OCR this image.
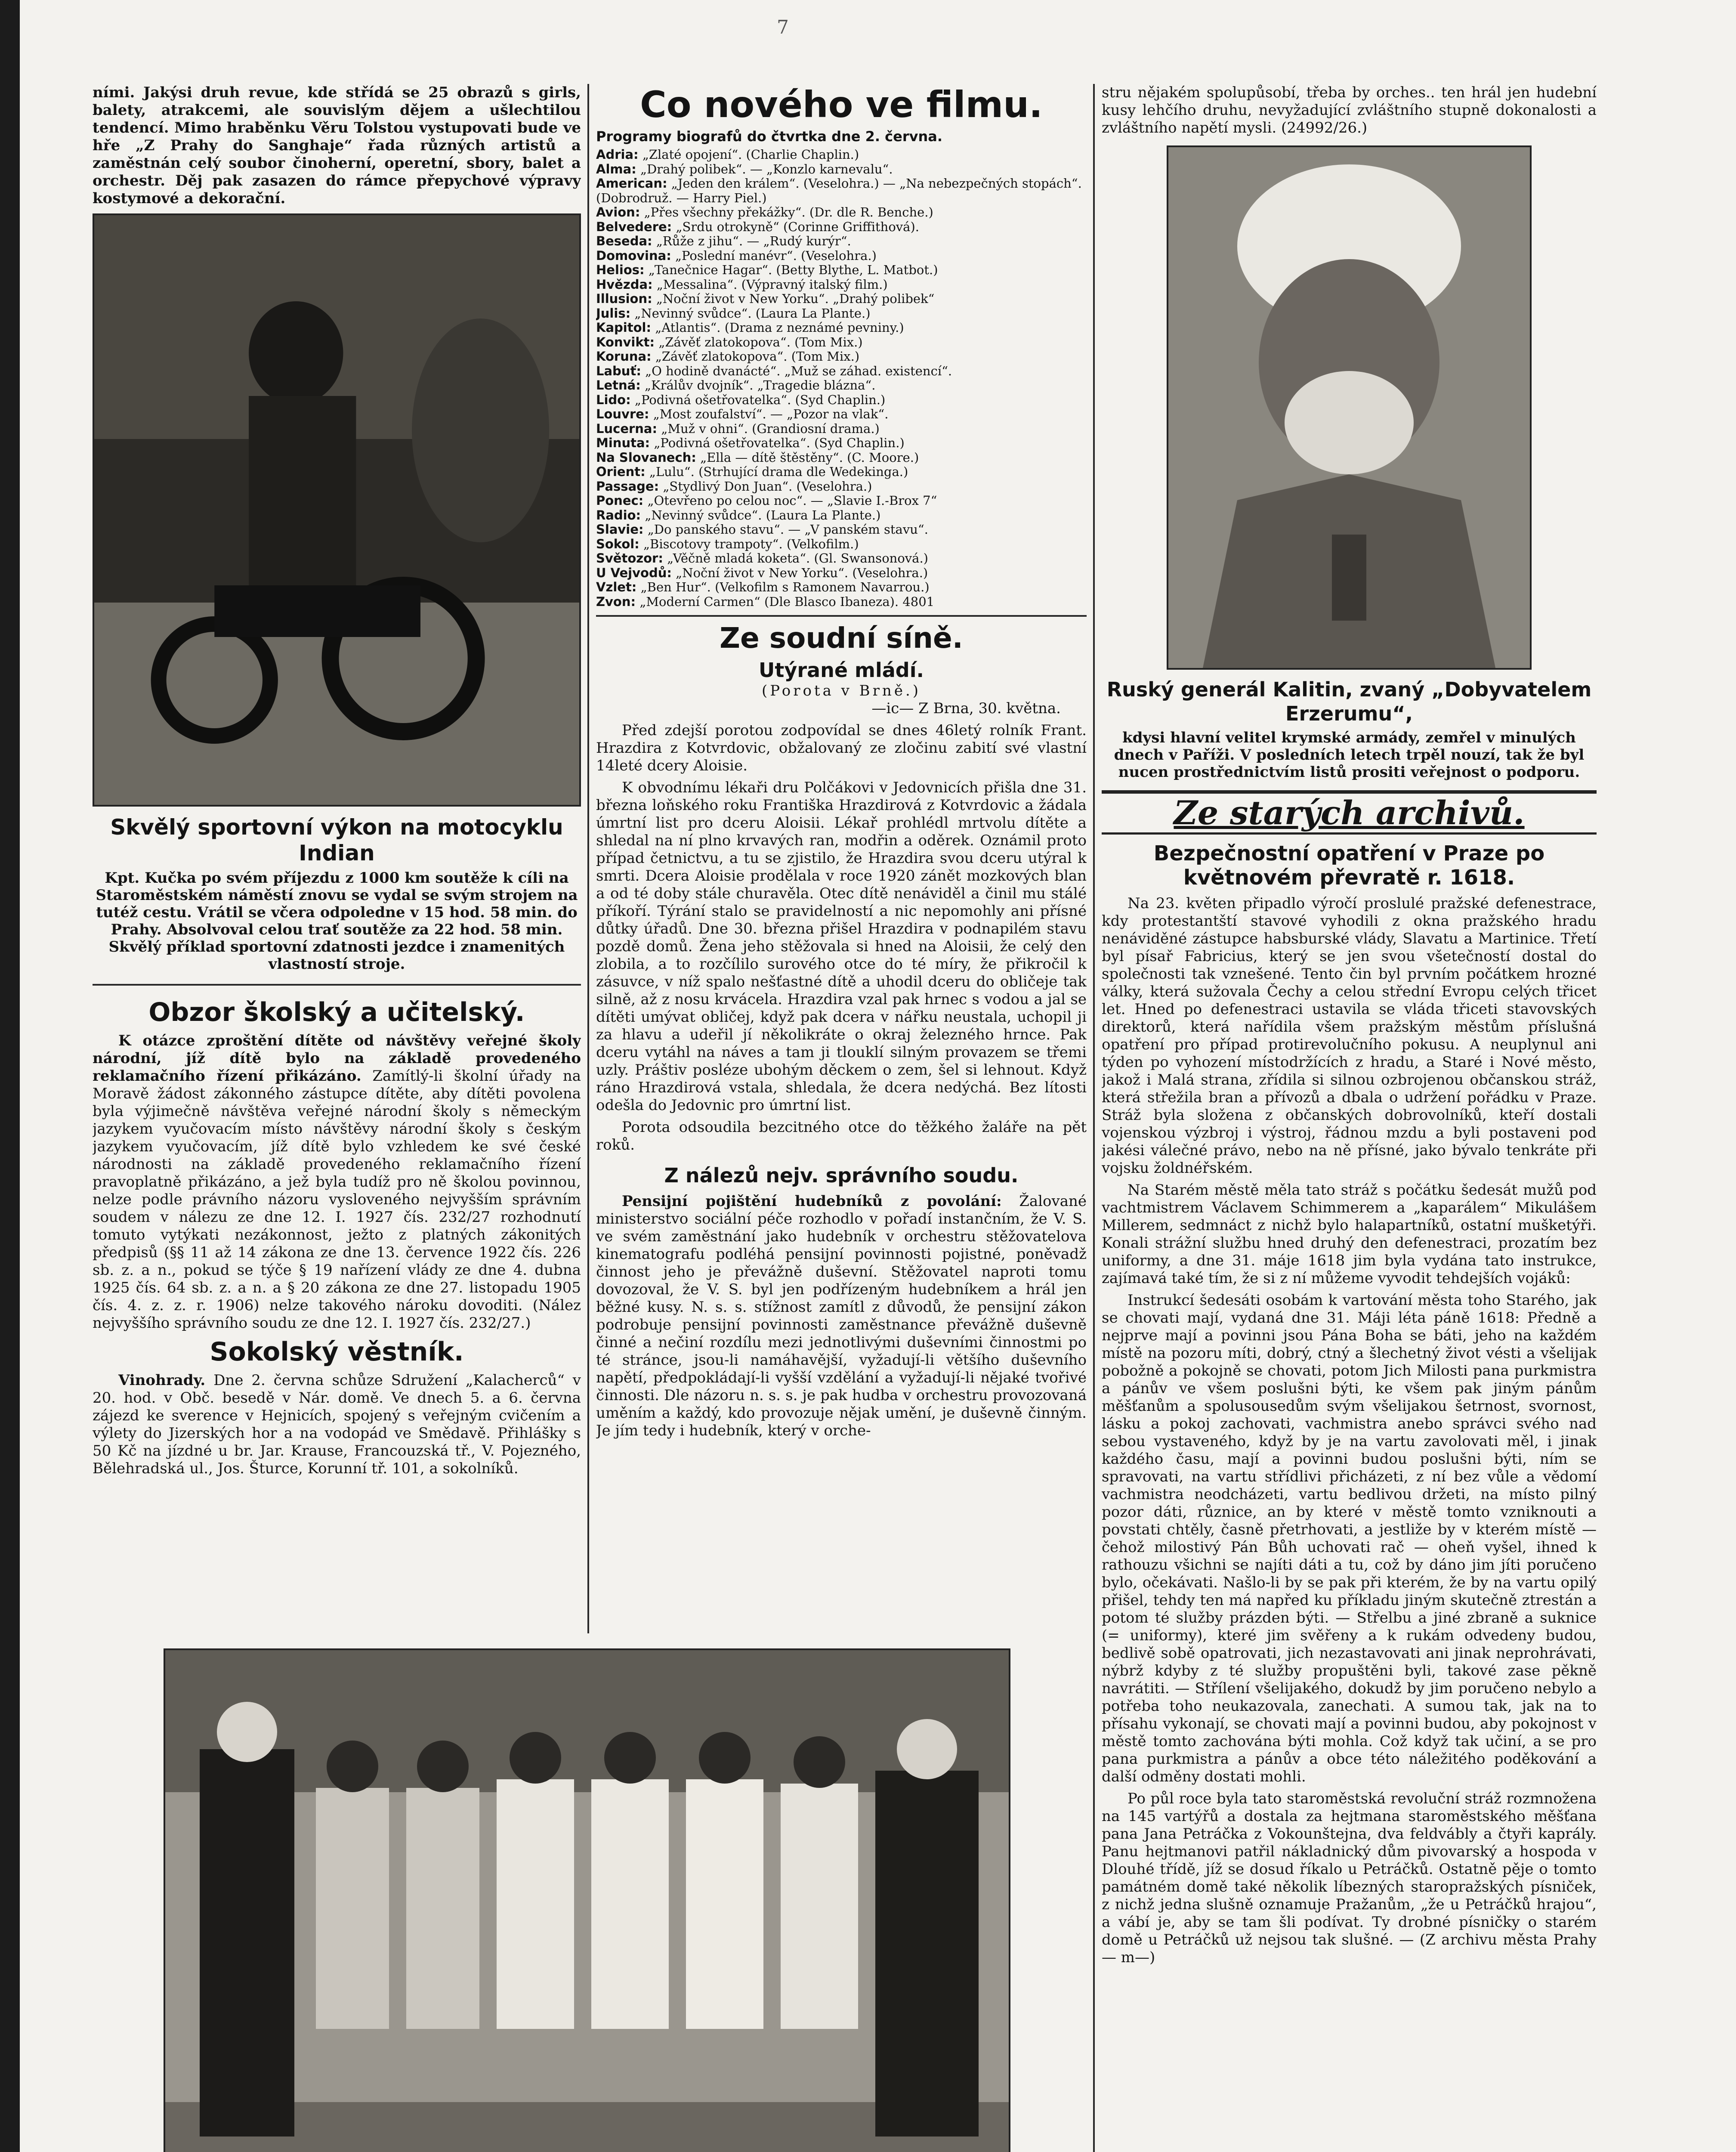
7

ními. Jakýsi druh revue, kde střídá se 25 obrazů s girls, balety, atrakcemi, ale souvislým dějem a ušlechtilou tendencí. Mimo hraběnku Věru Tolstou vystupovati bude ve hře „Z Prahy do Sanghaje“ řada různých artistů a zaměstnán celý soubor činoherní, operetní, sbory, balet a orchestr. Děj pak zasazen do rámce přepychové výpravy kostymové a dekorační.

Skvělý sportovní výkon na motocyklu Indian

Kpt. Kučka po svém příjezdu z 1000 km soutěže k cíli na Staroměstském náměstí znovu se vydal se svým strojem na tutéž cestu. Vrátil se včera odpoledne v 15 hod. 58 min. do Prahy. Absolvoval celou trať soutěže za 22 hod. 58 min. Skvělý příklad sportovní zdatnosti jezdce i znamenitých vlastností stroje.

Obzor školský a učitelský.

K otázce zproštění dítěte od návštěvy veřejné školy národní, jíž dítě bylo na základě provedeného reklamačního řízení přikázáno. Zamítlý-li školní úřady na Moravě žádost zákonného zástupce dítěte, aby dítěti povolena byla výjimečně návštěva veřejné národní školy s německým jazykem vyučovacím místo návštěvy národní školy s českým jazykem vyučovacím, jíž dítě bylo vzhledem ke své české národnosti na základě provedeného reklamačního řízení pravoplatně přikázáno, a jež byla tudíž pro ně školou povinnou, nelze podle právního názoru vysloveného nejvyšším správním soudem v nálezu ze dne 12. I. 1927 čís. 232/27 rozhodnutí tomuto vytýkati nezákonnost, ježto z platných zákonitých předpisů (§§ 11 až 14 zákona ze dne 13. července 1922 čís. 226 sb. z. a n., pokud se týče § 19 nařízení vlády ze dne 4. dubna 1925 čís. 64 sb. z. a n. a § 20 zákona ze dne 27. listopadu 1905 čís. 4. z. z. r. 1906) nelze takového nároku dovoditi. (Nález nejvyššího správního soudu ze dne 12. I. 1927 čís. 232/27.)

Sokolský věstník.

Vinohrady. Dne 2. června schůze Sdružení „Kalacherců“ v 20. hod. v Obč. besedě v Nár. domě. Ve dnech 5. a 6. června zájezd ke sverence v Hejnicích, spojený s veřejným cvičením a výlety do Jizerských hor a na vodopád ve Smědavě. Přihlášky s 50 Kč na jízdné u br. Jar. Krause, Francouzská tř., V. Pojezného, Bělehradská ul., Jos. Šturce, Korunní tř. 101, a sokolníků.

Co nového ve filmu.
Programy biografů do čtvrtka dne 2. června.
Adria: „Zlaté opojení“. (Charlie Chaplin.)
Alma: „Drahý polibek“. — „Konzlo karnevalu“.
American: „Jeden den králem“. (Veselohra.) — „Na nebezpečných stopách“. (Dobrodruž. — Harry Piel.)
Avion: „Přes všechny překážky“. (Dr. dle R. Benche.)
Belvedere: „Srdu otrokyně“ (Corinne Griffithová).
Beseda: „Růže z jihu“. — „Rudý kurýr“.
Domovina: „Poslední manévr“. (Veselohra.)
Helios: „Tanečnice Hagar“. (Betty Blythe, L. Matbot.)
Hvězda: „Messalina“. (Výpravný italský film.)
Illusion: „Noční život v New Yorku“. „Drahý polibek“
Julis: „Nevinný svůdce“. (Laura La Plante.)
Kapitol: „Atlantis“. (Drama z neznámé pevniny.)
Konvikt: „Závěť zlatokopova“. (Tom Mix.)
Koruna: „Závěť zlatokopova“. (Tom Mix.)
Labuť: „O hodině dvanácté“. „Muž se záhad. existencí“.
Letná: „Králův dvojník“. „Tragedie blázna“.
Lido: „Podivná ošetřovatelka“. (Syd Chaplin.)
Louvre: „Most zoufalství“. — „Pozor na vlak“.
Lucerna: „Muž v ohni“. (Grandiosní drama.)
Minuta: „Podivná ošetřovatelka“. (Syd Chaplin.)
Na Slovanech: „Ella — dítě štěstěny“. (C. Moore.)
Orient: „Lulu“. (Strhující drama dle Wedekinga.)
Passage: „Stydlivý Don Juan“. (Veselohra.)
Ponec: „Otevřeno po celou noc“. — „Slavie I.-Brox 7“
Radio: „Nevinný svůdce“. (Laura La Plante.)
Slavie: „Do panského stavu“. — „V panském stavu“.
Sokol: „Biscotovy trampoty“. (Velkofilm.)
Světozor: „Věčně mladá koketa“. (Gl. Swansonová.)
U Vejvodů: „Noční život v New Yorku“. (Veselohra.)
Vzlet: „Ben Hur“. (Velkofilm s Ramonem Navarrou.)
Zvon: „Moderní Carmen“ (Dle Blasco Ibaneza). 4801
Ze soudní síně.
Utýrané mládí.

(Porota v Brně.)

—ic— Z Brna, 30. května.

Před zdejší porotou zodpovídal se dnes 46letý rolník Frant. Hrazdira z Kotvrdovic, obžalovaný ze zločinu zabití své vlastní 14leté dcery Aloisie.

K obvodnímu lékaři dru Polčákovi v Jedovnicích přišla dne 31. března loňského roku Františka Hrazdirová z Kotvrdovic a žádala úmrtní list pro dceru Aloisii. Lékař prohlédl mrtvolu dítěte a shledal na ní plno krvavých ran, modřin a oděrek. Oznámil proto případ četnictvu, a tu se zjistilo, že Hrazdira svou dceru utýral k smrti. Dcera Aloisie prodělala v roce 1920 zánět mozkových blan a od té doby stále churavěla. Otec dítě nenáviděl a činil mu stálé příkoří. Týrání stalo se pravidelností a nic nepomohly ani přísné důtky úřadů. Dne 30. března přišel Hrazdira v podnapilém stavu pozdě domů. Žena jeho stěžovala si hned na Aloisii, že celý den zlobila, a to rozčílilo surového otce do té míry, že přikročil k zásuvce, v níž spalo nešťastné dítě a uhodil dceru do obličeje tak silně, až z nosu krvácela. Hrazdira vzal pak hrnec s vodou a jal se dítěti umývat obličej, když pak dcera v nářku neustala, uchopil ji za hlavu a udeřil jí několikráte o okraj železného hrnce. Pak dceru vytáhl na náves a tam ji tlouklí silným provazem se třemi uzly. Práštiv posléze ubohým děckem o zem, šel si lehnout. Když ráno Hrazdirová vstala, shledala, že dcera nedýchá. Bez lítosti odešla do Jedovnic pro úmrtní list.

Porota odsoudila bezcitného otce do těžkého žaláře na pět roků.

Z nálezů nejv. správního soudu.

Pensijní pojištění hudebníků z povolání: Žalované ministerstvo sociální péče rozhodlo v pořadí instančním, že V. S. ve svém zaměstnání jako hudebník v orchestru stěžovatelova kinematografu podléhá pensijní povinnosti pojistné, poněvadž činnost jeho je převážně duševní. Stěžovatel naproti tomu dovozoval, že V. S. byl jen podřízeným hudebníkem a hrál jen běžné kusy. N. s. s. stížnost zamítl z důvodů, že pensijní zákon podrobuje pensijní povinnosti zaměstnance převážně duševně činné a nečiní rozdílu mezi jednotlivými duševními činnostmi po té stránce, jsou-li namáhavější, vyžadují-li většího duševního napětí, předpokládají-li vyšší vzdělání a vyžadují-li nějaké tvořivé činnosti. Dle názoru n. s. s. je pak hudba v orchestru provozovaná uměním a každý, kdo provozuje nějak umění, je duševně činným. Je jím tedy i hudebník, který v orche-

stru nějakém spolupůsobí, třeba by orches.. ten hrál jen hudební kusy lehčího druhu, nevyžadující zvláštního stupně dokonalosti a zvláštního napětí mysli. (24992/26.)

Ruský generál Kalitin, zvaný „Dobyvatelem Erzerumu“,

kdysi hlavní velitel krymské armády, zemřel v minulých dnech v Paříži. V posledních letech trpěl nouzí, tak že byl nucen prostřednictvím listů prositi veřejnost o podporu.

Ze starých archivů.
Bezpečnostní opatření v Praze po květnovém převratě r. 1618.

Na 23. květen připadlo výročí proslulé pražské defenestrace, kdy protestantští stavové vyhodili z okna pražského hradu nenáviděné zástupce habsburské vlády, Slavatu a Martinice. Třetí byl písař Fabricius, který se jen svou všetečností dostal do společnosti tak vznešené. Tento čin byl prvním počátkem hrozné války, která sužovala Čechy a celou střední Evropu celých třicet let. Hned po defenestraci ustavila se vláda třiceti stavovských direktorů, která nařídila všem pražským městům příslušná opatření pro případ protirevolučního pokusu. A neuplynul ani týden po vyhození místodržících z hradu, a Staré i Nové město, jakož i Malá strana, zřídila si silnou ozbrojenou občanskou stráž, která střežila bran a přívozů a dbala o udržení pořádku v Praze. Stráž byla složena z občanských dobrovolníků, kteří dostali vojenskou výzbroj i výstroj, řádnou mzdu a byli postaveni pod jakési válečné právo, nebo na ně přísné, jako bývalo tenkráte při vojsku žoldnéřském.

Na Starém městě měla tato stráž s počátku šedesát mužů pod vachtmistrem Václavem Schimmerem a „kaparálem“ Mikulášem Millerem, sedmnáct z nichž bylo halapartníků, ostatní mušketýři. Konali strážní službu hned druhý den defenestraci, prozatím bez uniformy, a dne 31. máje 1618 jim byla vydána tato instrukce, zajímavá také tím, že si z ní můžeme vyvodit tehdejších vojáků:

Instrukcí šedesáti osobám k vartování města toho Starého, jak se chovati mají, vydaná dne 31. Máji léta páně 1618: Předně a nejprve mají a povinni jsou Pána Boha se báti, jeho na každém místě na pozoru míti, dobrý, ctný a šlechetný život vésti a všelijak pobožně a pokojně se chovati, potom Jich Milosti pana purkmistra a pánův ve všem poslušni býti, ke všem pak jiným pánům měšťanům a spolusousedům svým všelijakou šetrnost, svornost, lásku a pokoj zachovati, vachmistra anebo správci svého nad sebou vystaveného, když by je na vartu zavolovati měl, i jinak každého času, mají a povinni budou poslušni býti, ním se spravovati, na vartu střídlivi přicházeti, z ní bez vůle a vědomí vachmistra neodcházeti, vartu bedlivou držeti, na místo pilný pozor dáti, různice, an by které v městě tomto vzniknouti a povstati chtěly, časně přetrhovati, a jestliže by v kterém místě — čehož milostivý Pán Bůh uchovati rač — oheň vyšel, ihned k rathouzu všichni se najíti dáti a tu, což by dáno jim jíti poručeno bylo, očekávati. Našlo-li by se pak při kterém, že by na vartu opilý přišel, tehdy ten má napřed ku příkladu jiným skutečně ztrestán a potom té služby prázden býti. — Střelbu a jiné zbraně a suknice (= uniformy), které jim svěřeny a k rukám odvedeny budou, bedlivě sobě opatrovati, jich nezastavovati ani jinak neprohrávati, nýbrž kdyby z té služby propuštěni byli, takové zase pěkně navrátiti. — Střílení všelijakého, dokudž by jim poručeno nebylo a potřeba toho neukazovala, zanechati. A sumou tak, jak na to přísahu vykonají, se chovati mají a povinni budou, aby pokojnost v městě tomto zachována býti mohla. Což když tak učiní, a se pro pana purkmistra a pánův a obce této náležitého poděkování a další odměny dostati mohli.

Po půl roce byla tato staroměstská revoluční stráž rozmnožena na 145 vartýřů a dostala za hejtmana staroměstského měšťana pana Jana Petráčka z Vokounštejna, dva feldvábly a čtyři kaprály. Panu hejtmanovi patřil nákladnický dům pivovarský a hospoda v Dlouhé třídě, jíž se dosud říkalo u Petráčků. Ostatně pěje o tomto památném domě také několik líbezných staropražských písniček, z nichž jedna slušně oznamuje Pražanům, „že u Petráčků hrajou“, a vábí je, aby se tam šli podívat. Ty drobné písničky o starém domě u Petráčků už nejsou tak slušné. — (Z archivu města Prahy — m—)
